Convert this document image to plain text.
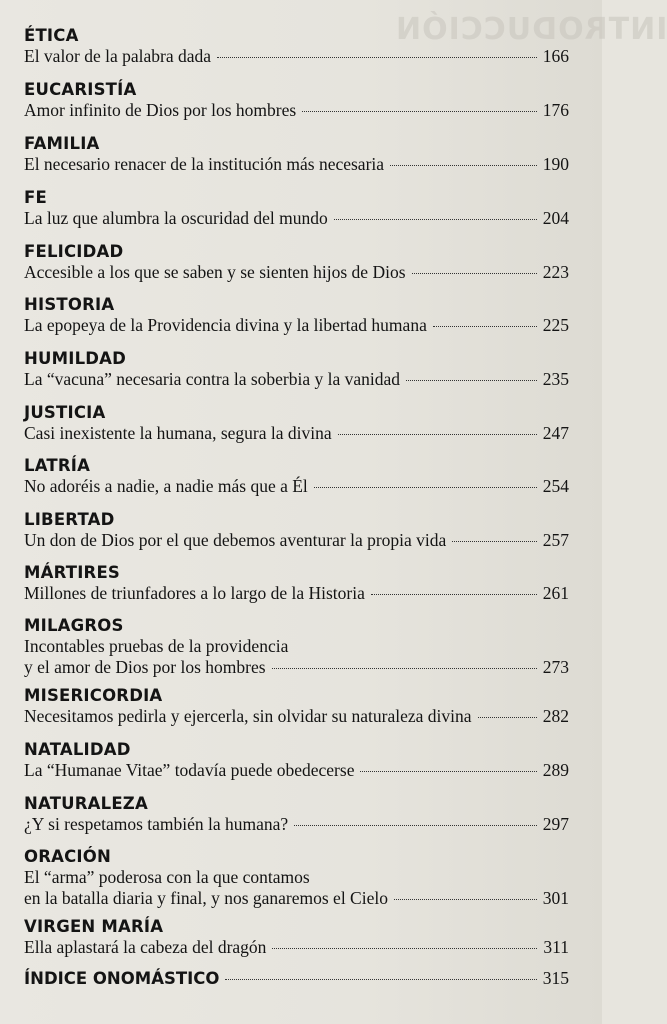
INTRODUCCIÓN
ÉTICA
El valor de la palabra dada	166
EUCARISTÍA
Amor infinito de Dios por los hombres	176
FAMILIA
El necesario renacer de la institución más necesaria	190
FE
La luz que alumbra la oscuridad del mundo	204
FELICIDAD
Accesible a los que se saben y se sienten hijos de Dios	223
HISTORIA
La epopeya de la Providencia divina y la libertad humana	225
HUMILDAD
La “vacuna” necesaria contra la soberbia y la vanidad	235
JUSTICIA
Casi inexistente la humana, segura la divina	247
LATRÍA
No adoréis a nadie, a nadie más que a Él	254
LIBERTAD
Un don de Dios por el que debemos aventurar la propia vida	257
MÁRTIRES
Millones de triunfadores a lo largo de la Historia	261
MILAGROS
Incontables pruebas de la providencia
y el amor de Dios por los hombres	273
MISERICORDIA
Necesitamos pedirla y ejercerla, sin olvidar su naturaleza divina	282
NATALIDAD
La “Humanae Vitae” todavía puede obedecerse	289
NATURALEZA
¿Y si respetamos también la humana?	297
ORACIÓN
El “arma” poderosa con la que contamos
en la batalla diaria y final, y nos ganaremos el Cielo	301
VIRGEN MARÍA
Ella aplastará la cabeza del dragón	311
ÍNDICE ONOMÁSTICO	315
